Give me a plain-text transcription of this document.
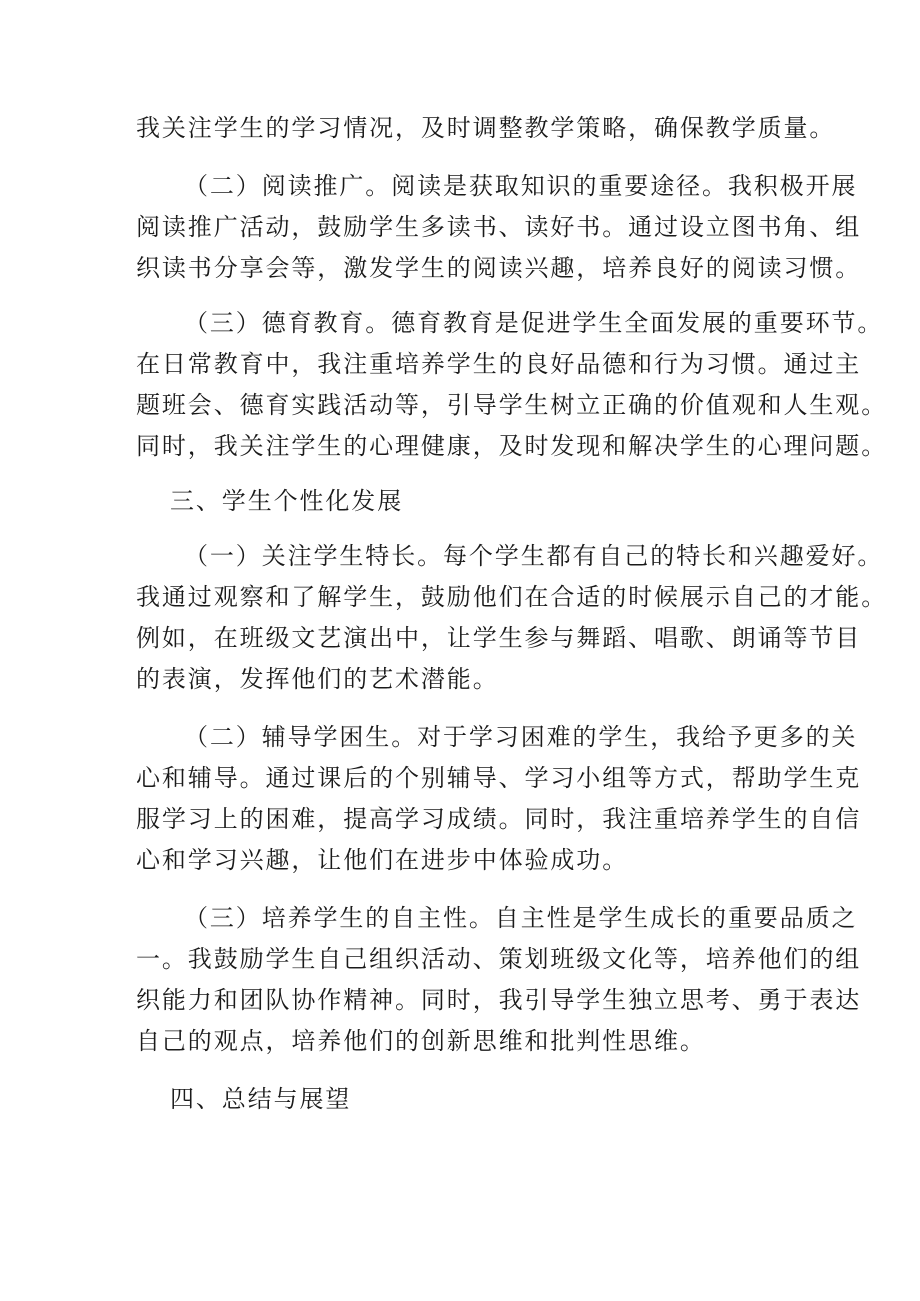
我关注学生的学习情况，及时调整教学策略，确保教学质量。

（二）阅读推广。阅读是获取知识的重要途径。我积极开展
阅读推广活动，鼓励学生多读书、读好书。通过设立图书角、组
织读书分享会等，激发学生的阅读兴趣，培养良好的阅读习惯。

（三）德育教育。德育教育是促进学生全面发展的重要环节。
在日常教育中，我注重培养学生的良好品德和行为习惯。通过主
题班会、德育实践活动等，引导学生树立正确的价值观和人生观。
同时，我关注学生的心理健康，及时发现和解决学生的心理问题。

三、学生个性化发展

（一）关注学生特长。每个学生都有自己的特长和兴趣爱好。
我通过观察和了解学生，鼓励他们在合适的时候展示自己的才能。
例如，在班级文艺演出中，让学生参与舞蹈、唱歌、朗诵等节目
的表演，发挥他们的艺术潜能。

（二）辅导学困生。对于学习困难的学生，我给予更多的关
心和辅导。通过课后的个别辅导、学习小组等方式，帮助学生克
服学习上的困难，提高学习成绩。同时，我注重培养学生的自信
心和学习兴趣，让他们在进步中体验成功。

（三）培养学生的自主性。自主性是学生成长的重要品质之
一。我鼓励学生自己组织活动、策划班级文化等，培养他们的组
织能力和团队协作精神。同时，我引导学生独立思考、勇于表达
自己的观点，培养他们的创新思维和批判性思维。

四、总结与展望
